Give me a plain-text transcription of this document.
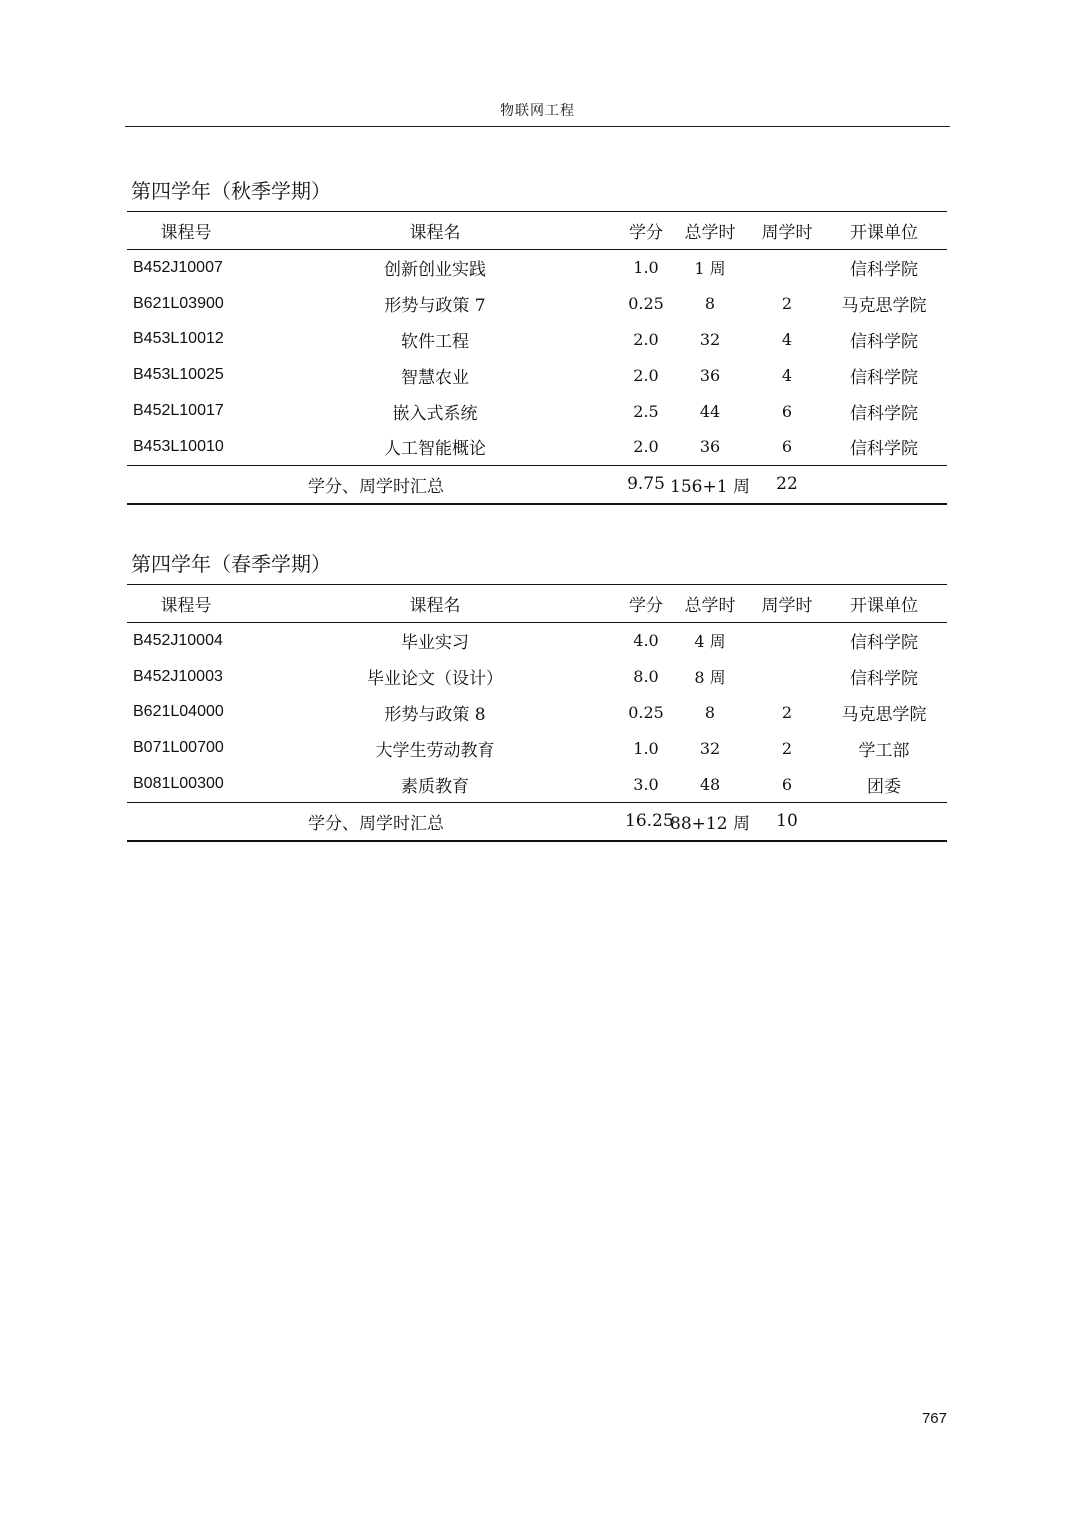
物联网工程
第四学年（秋季学期）
课程号	课程名	学分	总学时	周学时	开课单位
B452J10007	创新创业实践	1.0	1 周		信科学院
B621L03900	形势与政策 7	0.25	8	2	马克思学院
B453L10012	软件工程	2.0	32	4	信科学院
B453L10025	智慧农业	2.0	36	4	信科学院
B452L10017	嵌入式系统	2.5	44	6	信科学院
B453L10010	人工智能概论	2.0	36	6	信科学院
学分、周学时汇总		9.75	156+1 周	22	
第四学年（春季学期）
课程号	课程名	学分	总学时	周学时	开课单位
B452J10004	毕业实习	4.0	4 周		信科学院
B452J10003	毕业论文（设计）	8.0	8 周		信科学院
B621L04000	形势与政策 8	0.25	8	2	马克思学院
B071L00700	大学生劳动教育	1.0	32	2	学工部
B081L00300	素质教育	3.0	48	6	团委
学分、周学时汇总		16.25	88+12 周	10	
767
